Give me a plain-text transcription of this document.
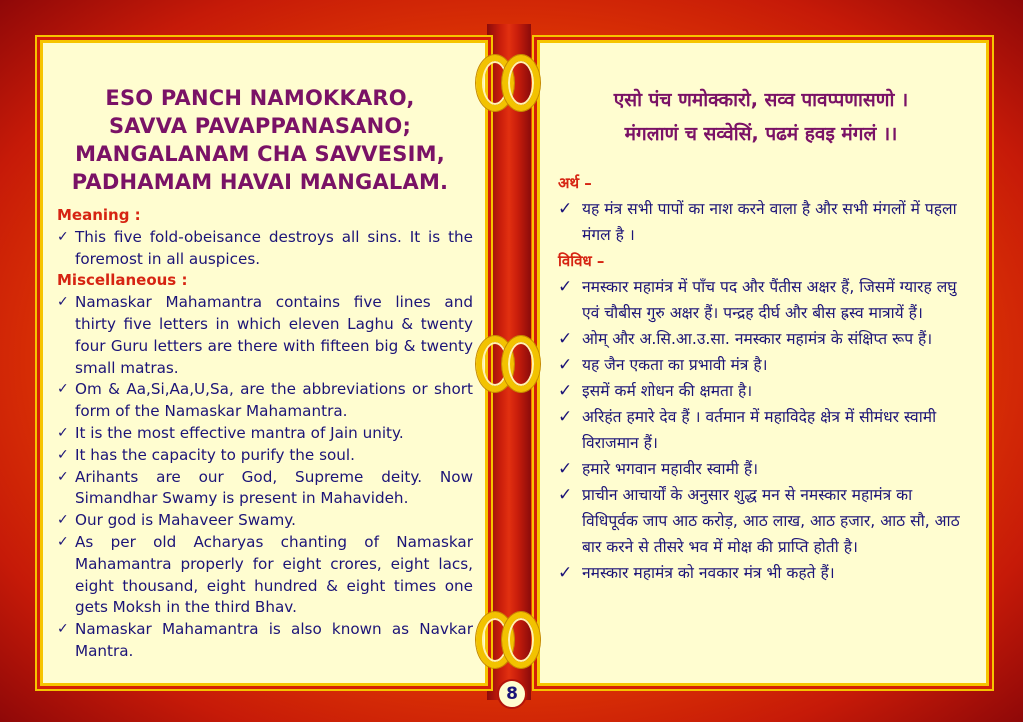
ESO PANCH NAMOKKARO,
SAVVA PAVAPPANASANO;
MANGALANAM CHA SAVVESIM,
PADHAMAM HAVAI MANGALAM.
Meaning :
✓ This five fold-obeisance destroys all sins. It is the foremost in all auspices.
Miscellaneous :
✓ Namaskar Mahamantra contains five lines and thirty five letters in which eleven Laghu & twenty four Guru letters are there with fifteen big & twenty small matras.
✓ Om & Aa,Si,Aa,U,Sa, are the abbreviations or short form of the Namaskar Mahamantra.
✓ It is the most effective mantra of Jain unity.
✓ It has the capacity to purify the soul.
✓ Arihants are our God, Supreme deity. Now Simandhar Swamy is present in Mahavideh.
✓ Our god is Mahaveer Swamy.
✓ As per old Acharyas chanting of Namaskar Mahamantra properly for eight crores, eight lacs, eight thousand, eight hundred & eight times one gets Moksh in the third Bhav.
✓ Namaskar Mahamantra is also known as Navkar Mantra.
एसो पंच णमोक्कारो, सव्व पावप्पणासणो ।
मंगलाणं च सव्वेसिं, पढमं हवइ मंगलं ।।
अर्थ –
✓ यह मंत्र सभी पापों का नाश करने वाला है और सभी मंगलों में पहला मंगल है ।
विविध –
✓ नमस्कार महामंत्र में पाँच पद और पैंतीस अक्षर हैं, जिसमें ग्यारह लघु एवं चौबीस गुरु अक्षर हैं। पन्द्रह दीर्घ और बीस ह्रस्व मात्रायें हैं।
✓ ओम् और अ.सि.आ.उ.सा. नमस्कार महामंत्र के संक्षिप्त रूप हैं।
✓ यह जैन एकता का प्रभावी मंत्र है।
✓ इसमें कर्म शोधन की क्षमता है।
✓ अरिहंत हमारे देव हैं । वर्तमान में महाविदेह क्षेत्र में सीमंधर स्वामी विराजमान हैं।
✓ हमारे भगवान महावीर स्वामी हैं।
✓ प्राचीन आचार्यों के अनुसार शुद्ध मन से नमस्कार महामंत्र का विधिपूर्वक जाप आठ करोड़, आठ लाख, आठ हजार, आठ सौ, आठ बार करने से तीसरे भव में मोक्ष की प्राप्ति होती है।
✓ नमस्कार महामंत्र को नवकार मंत्र भी कहते हैं।
8
